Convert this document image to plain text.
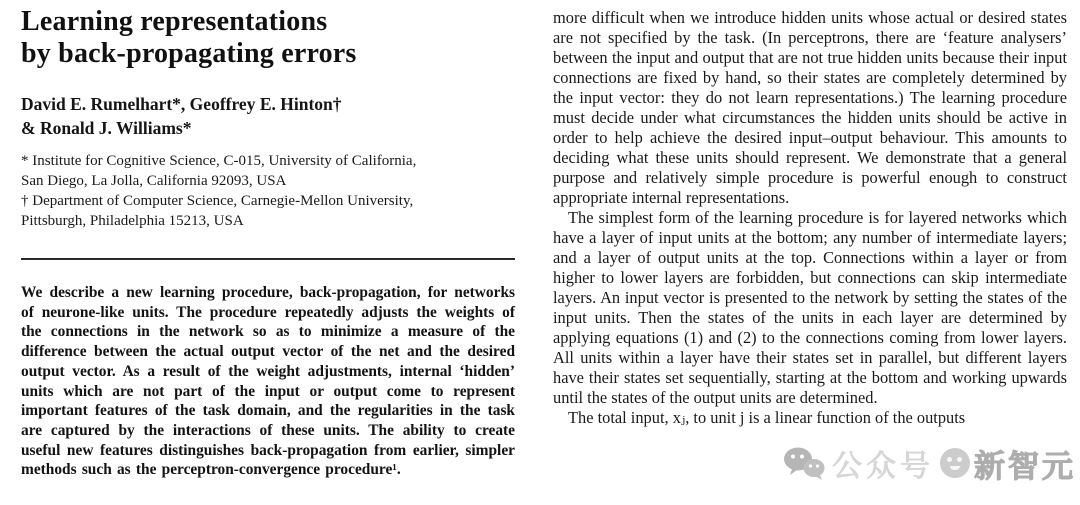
Learning representations
by back-propagating errors
David E. Rumelhart*, Geoffrey E. Hinton†
& Ronald J. Williams*
* Institute for Cognitive Science, C-015, University of California,
San Diego, La Jolla, California 92093, USA
† Department of Computer Science, Carnegie-Mellon University,
Pittsburgh, Philadelphia 15213, USA

We describe a new learning procedure, back-propagation, for networks of neurone-like units. The procedure repeatedly adjusts the weights of the connections in the network so as to minimize a measure of the difference between the actual output vector of the net and the desired output vector. As a result of the weight adjustments, internal ‘hidden’ units which are not part of the input or output come to represent important features of the task domain, and the regularities in the task are captured by the interactions of these units. The ability to create useful new features distinguishes back-propagation from earlier, simpler methods such as the perceptron-convergence procedure¹.

more difficult when we introduce hidden units whose actual or desired states are not specified by the task. (In perceptrons, there are ‘feature analysers’ between the input and output that are not true hidden units because their input connections are fixed by hand, so their states are completely determined by the input vector: they do not learn representations.) The learning procedure must decide under what circumstances the hidden units should be active in order to help achieve the desired input–output behaviour. This amounts to deciding what these units should represent. We demonstrate that a general purpose and relatively simple procedure is powerful enough to construct appropriate internal representations.

The simplest form of the learning procedure is for layered networks which have a layer of input units at the bottom; any number of intermediate layers; and a layer of output units at the top. Connections within a layer or from higher to lower layers are forbidden, but connections can skip intermediate layers. An input vector is presented to the network by setting the states of the input units. Then the states of the units in each layer are determined by applying equations (1) and (2) to the connections coming from lower layers. All units within a layer have their states set in parallel, but different layers have their states set sequentially, starting at the bottom and working upwards until the states of the output units are determined.

The total input, xⱼ, to unit j is a linear function of the outputs

公众号 新智元
